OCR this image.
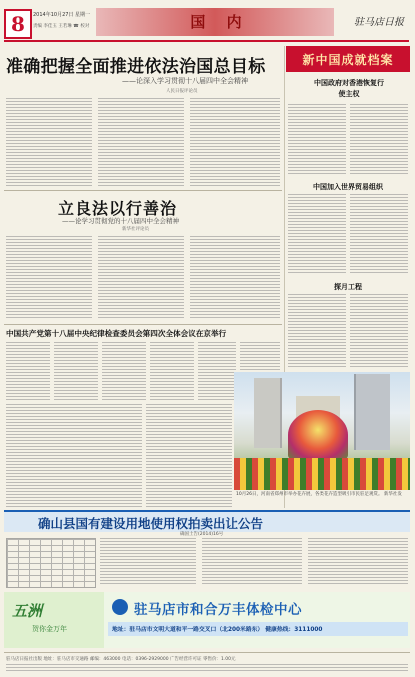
8	2014年10月27日 星期一
责编 李佳玉 王若琳 ☎ 校对	国 内	驻马店日报
准确把握全面推进依法治国总目标
——论深入学习贯彻十八届四中全会精神
人民日报评论员
立良法以行善治
——论学习贯彻党的十八届四中全会精神
新华社评论员
中国共产党第十八届中央纪律检查委员会第四次全体会议在京举行
新中国成就档案
中国政府对香港恢复行使主权
中国加入世界贸易组织
探月工程
10月26日，河南省郑州市举办花卉展，各类花卉造型吸引市民驻足观赏。 新华社发
确山县国有建设用地使用权拍卖出让公告
确国土告(2014)16号
五洲
贺你金万年
驻马店市和合万丰体检中心
地址：驻马店市文明大道和平一路交叉口（北200米路东） 健康热线：3111000
驻马店日报社出版 地址：驻马店市交通路 邮编：463000 电话：0396-2929000 广告经营许可证 零售价：1.00元
